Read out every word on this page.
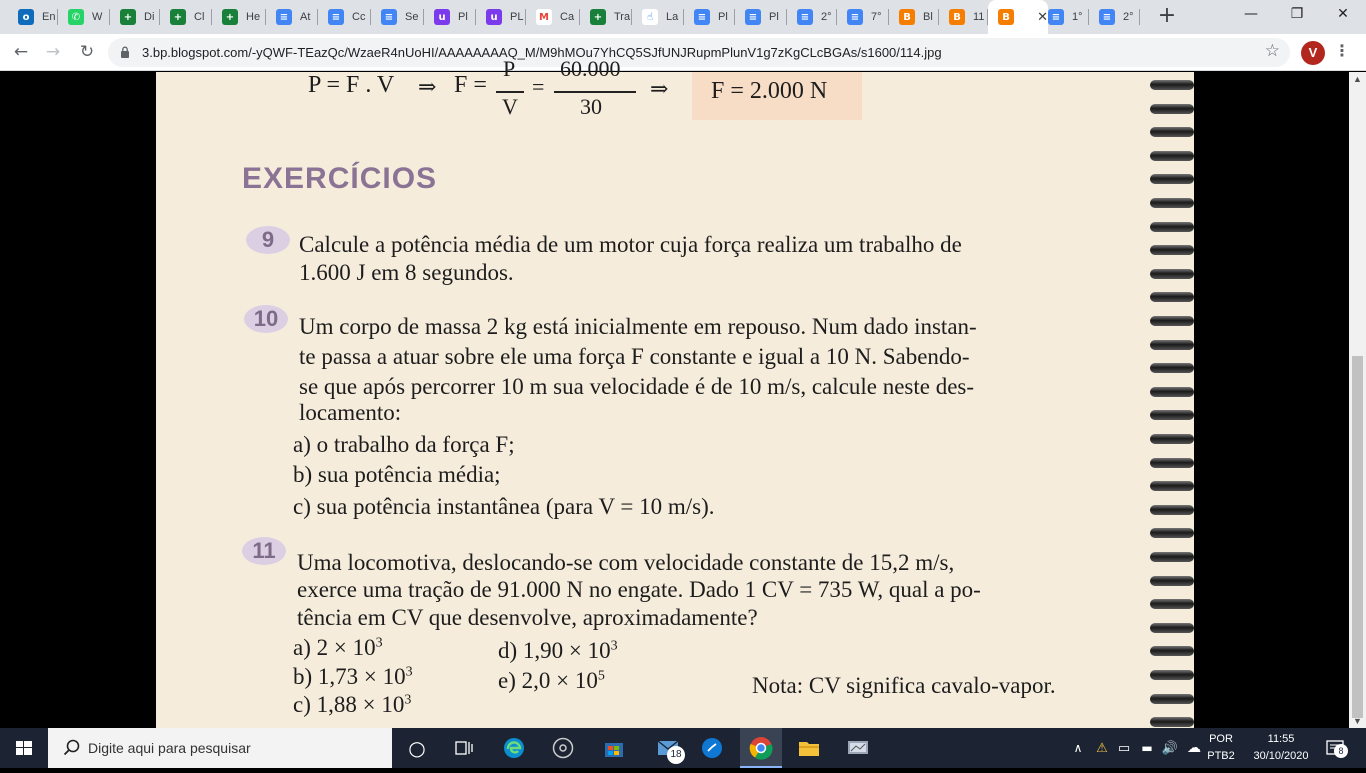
o	En	✆	W	+	Di	+	Cl	+	He	≡	At	≡	Cc	≡	Se	u	Pl	u	PL	M Ca	+	Tra	☝	La	≡	Pl	≡	Pl	≡	2°	≡	7°	B	Bl	B	11	B	✕ ≡	1°	≡	2° +	—	❐	✕
←	→	↻	3.bp.blogspot.com/-yQWF-TEazQc/WzaeR4nUoHI/AAAAAAAAQ_M/M9hMOu7YhCQ5SJfUNJRupmPlunV1g7zKgCLcBGAs/s1600/114.jpg	☆	V	⋮
P = F . V ⇒ F =
P
V
=
60.000
30
⇒ F = 2.000 N
EXERCÍCIOS
9	Calcule a potência média de um motor cuja força realiza um trabalho de
1.600 J em 8 segundos.
10 Um corpo de massa 2 kg está inicialmente em repouso. Num dado instan-
te passa a atuar sobre ele uma força F constante e igual a 10 N. Sabendo-
se que após percorrer 10 m sua velocidade é de 10 m/s, calcule neste des-
locamento:
a) o trabalho da força F;
b) sua potência média;
c) sua potência instantânea (para V = 10 m/s).
11 Uma locomotiva, deslocando-se com velocidade constante de 15,2 m/s,
exerce uma tração de 91.000 N no engate. Dado 1 CV = 735 W, qual a po-
tência em CV que desenvolve, aproximadamente?
a) $2 \times 10^3$
b) $1,73 \times 10^3$
c) $1,88 \times 10^3$
d) $1,90 \times 10^3$
e) $2,0 \times 10^5$	Nota: CV significa cavalo-vapor.
▲
▼
Digite aqui para pesquisar	○	18	∧	⚠ ▭ ▬ 🔊 ☁
POR
PTB2
11:55
30/10/2020	8
